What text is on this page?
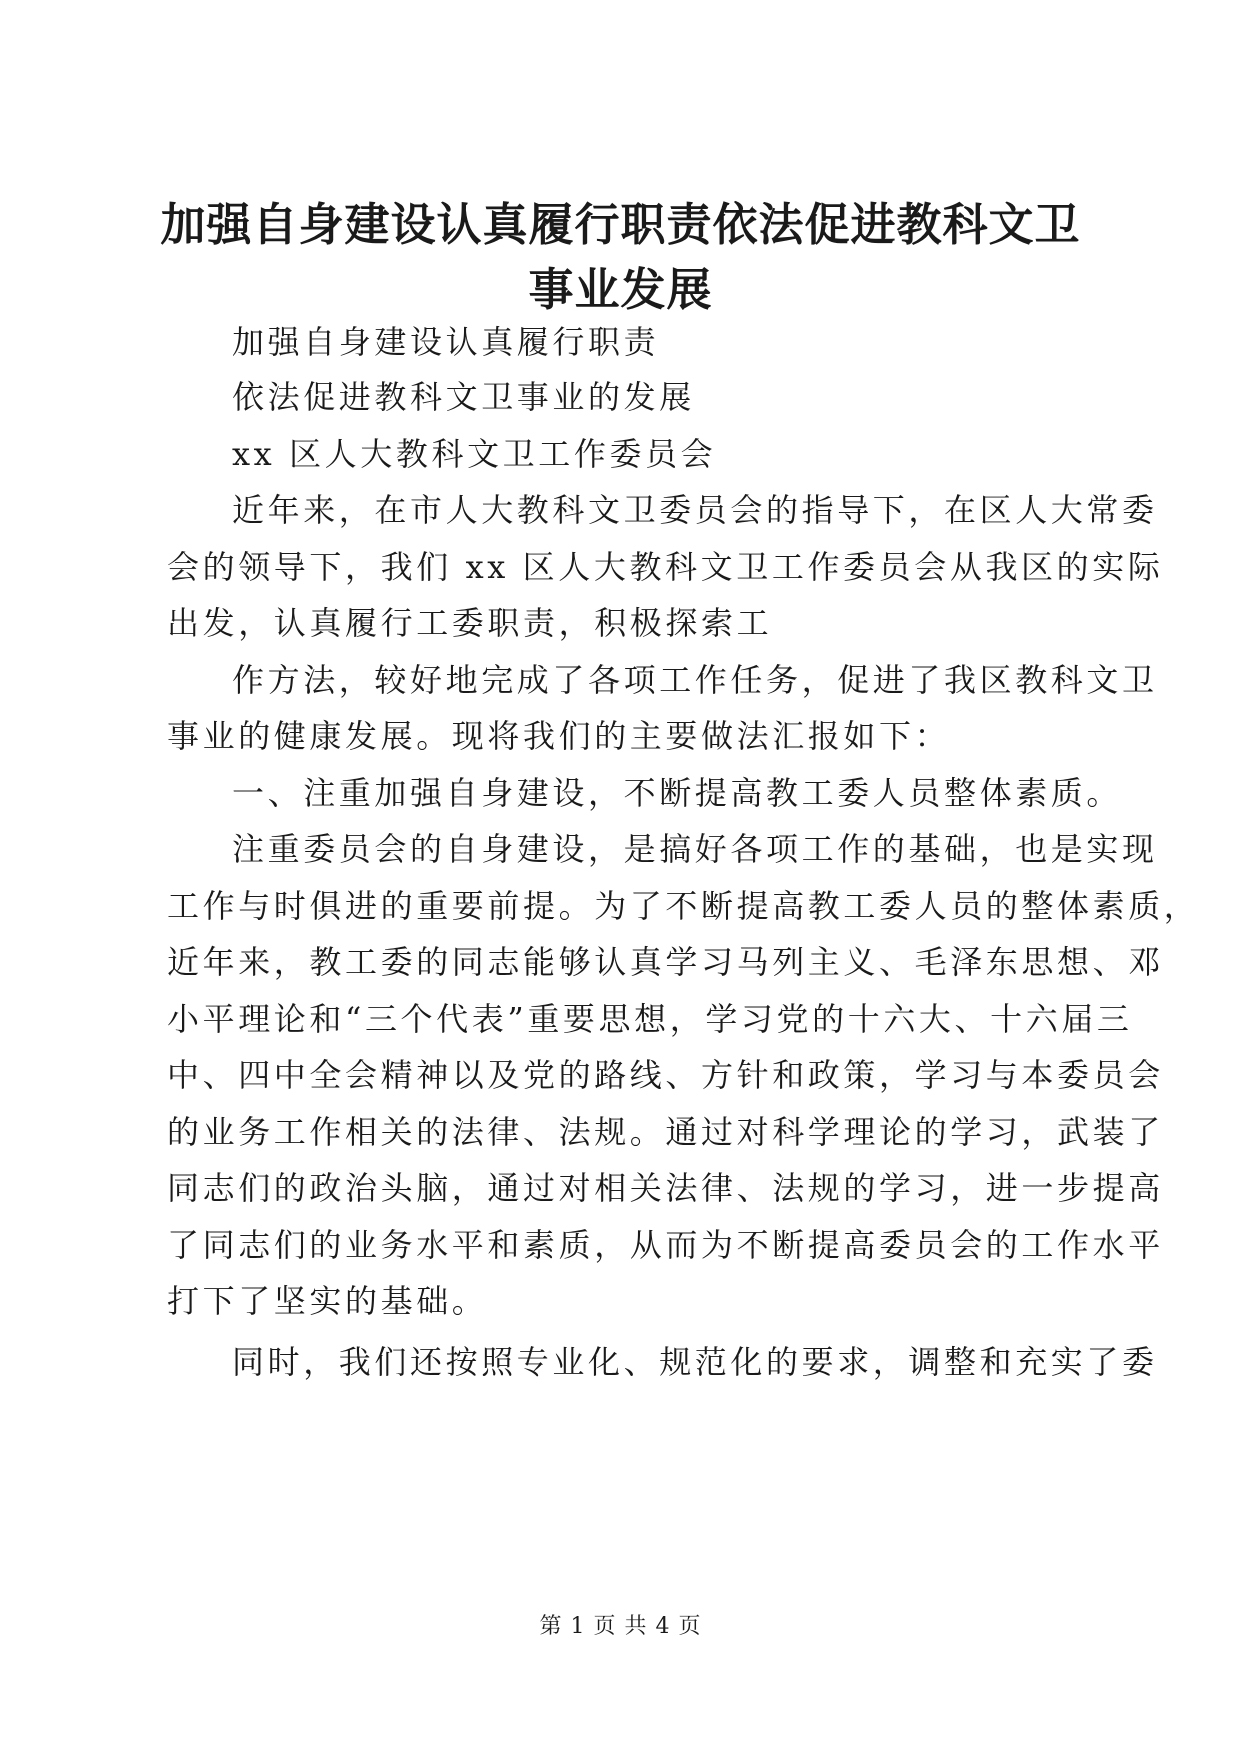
加强自身建设认真履行职责依法促进教科文卫
事业发展

加强自身建设认真履行职责

依法促进教科文卫事业的发展

xx 区人大教科文卫工作委员会

近年来，在市人大教科文卫委员会的指导下，在区人大常委

会的领导下，我们 xx 区人大教科文卫工作委员会从我区的实际

出发，认真履行工委职责，积极探索工

作方法，较好地完成了各项工作任务，促进了我区教科文卫

事业的健康发展。现将我们的主要做法汇报如下：

一、注重加强自身建设，不断提高教工委人员整体素质。

注重委员会的自身建设，是搞好各项工作的基础，也是实现

工作与时俱进的重要前提。为了不断提高教工委人员的整体素质，

近年来，教工委的同志能够认真学习马列主义、毛泽东思想、邓

小平理论和“三个代表”重要思想，学习党的十六大、十六届三

中、四中全会精神以及党的路线、方针和政策，学习与本委员会

的业务工作相关的法律、法规。通过对科学理论的学习，武装了

同志们的政治头脑，通过对相关法律、法规的学习，进一步提高

了同志们的业务水平和素质，从而为不断提高委员会的工作水平

打下了坚实的基础。

同时，我们还按照专业化、规范化的要求，调整和充实了委

第 1 页 共 4 页
